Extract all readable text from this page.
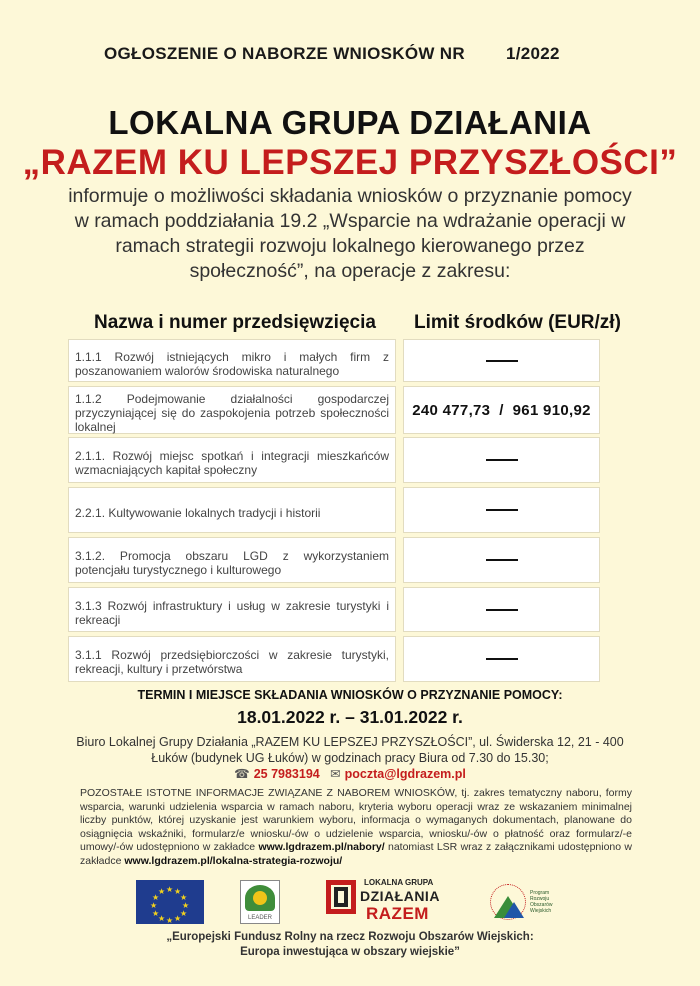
OGŁOSZENIE O NABORZE WNIOSKÓW NR 1/2022
LOKALNA GRUPA DZIAŁANIA
„RAZEM KU LEPSZEJ PRZYSZŁOŚCI”
informuje o możliwości składania wniosków o przyznanie pomocy w ramach poddziałania 19.2 „Wsparcie na wdrażanie operacji w ramach strategii rozwoju lokalnego kierowanego przez społeczność”, na operacje z zakresu:
Nazwa i numer przedsięwzięcia Limit środków (EUR/zł)
1.1.1 Rozwój istniejących mikro i małych firm z poszanowaniem walorów środowiska naturalnego
1.1.2 Podejmowanie działalności gospodarczej przyczyniającej się do zaspokojenia potrzeb społeczności lokalnej
240 477,73  /  961 910,92
2.1.1. Rozwój miejsc spotkań i integracji mieszkańców wzmacniających kapitał społeczny
2.2.1. Kultywowanie lokalnych tradycji i historii
3.1.2. Promocja obszaru LGD z wykorzystaniem potencjału turystycznego i kulturowego
3.1.3 Rozwój infrastruktury i usług w zakresie turystyki i rekreacji
3.1.1 Rozwój przedsiębiorczości w zakresie turystyki, rekreacji, kultury i przetwórstwa
TERMIN I MIEJSCE SKŁADANIA WNIOSKÓW O PRZYZNANIE POMOCY:
18.01.2022 r. – 31.01.2022 r.
Biuro Lokalnej Grupy Działania „RAZEM KU LEPSZEJ PRZYSZŁOŚCI”, ul. Świderska 12, 21 - 400 Łuków (budynek UG Łuków) w godzinach pracy Biura od 7.30 do 15.30;
☎ 25 7983194 ✉ poczta@lgdrazem.pl
POZOSTAŁE ISTOTNE INFORMACJE ZWIĄZANE Z NABOREM WNIOSKÓW, tj. zakres tematyczny naboru, formy wsparcia, warunki udzielenia wsparcia w ramach naboru, kryteria wyboru operacji wraz ze wskazaniem minimalnej liczby punktów, której uzyskanie jest warunkiem wyboru, informacja o wymaganych dokumentach, planowane do osiągnięcia wskaźniki, formularz/e wniosku/-ów o udzielenie wsparcia, wniosku/-ów o płatność oraz formularz/-e umowy/-ów udostępniono w zakładce www.lgdrazem.pl/nabory/ natomiast LSR wraz z załącznikami udostępniono w zakładce www.lgdrazem.pl/lokalna-strategia-rozwoju/
★ ★
★
★
★
★
★
★
★
★
★
★
LEADER
LOKALNA GRUPA
DZIAŁANIA
RAZEM
Program Rozwoju Obszarów Wiejskich
„Europejski Fundusz Rolny na rzecz Rozwoju Obszarów Wiejskich:
Europa inwestująca w obszary wiejskie”
